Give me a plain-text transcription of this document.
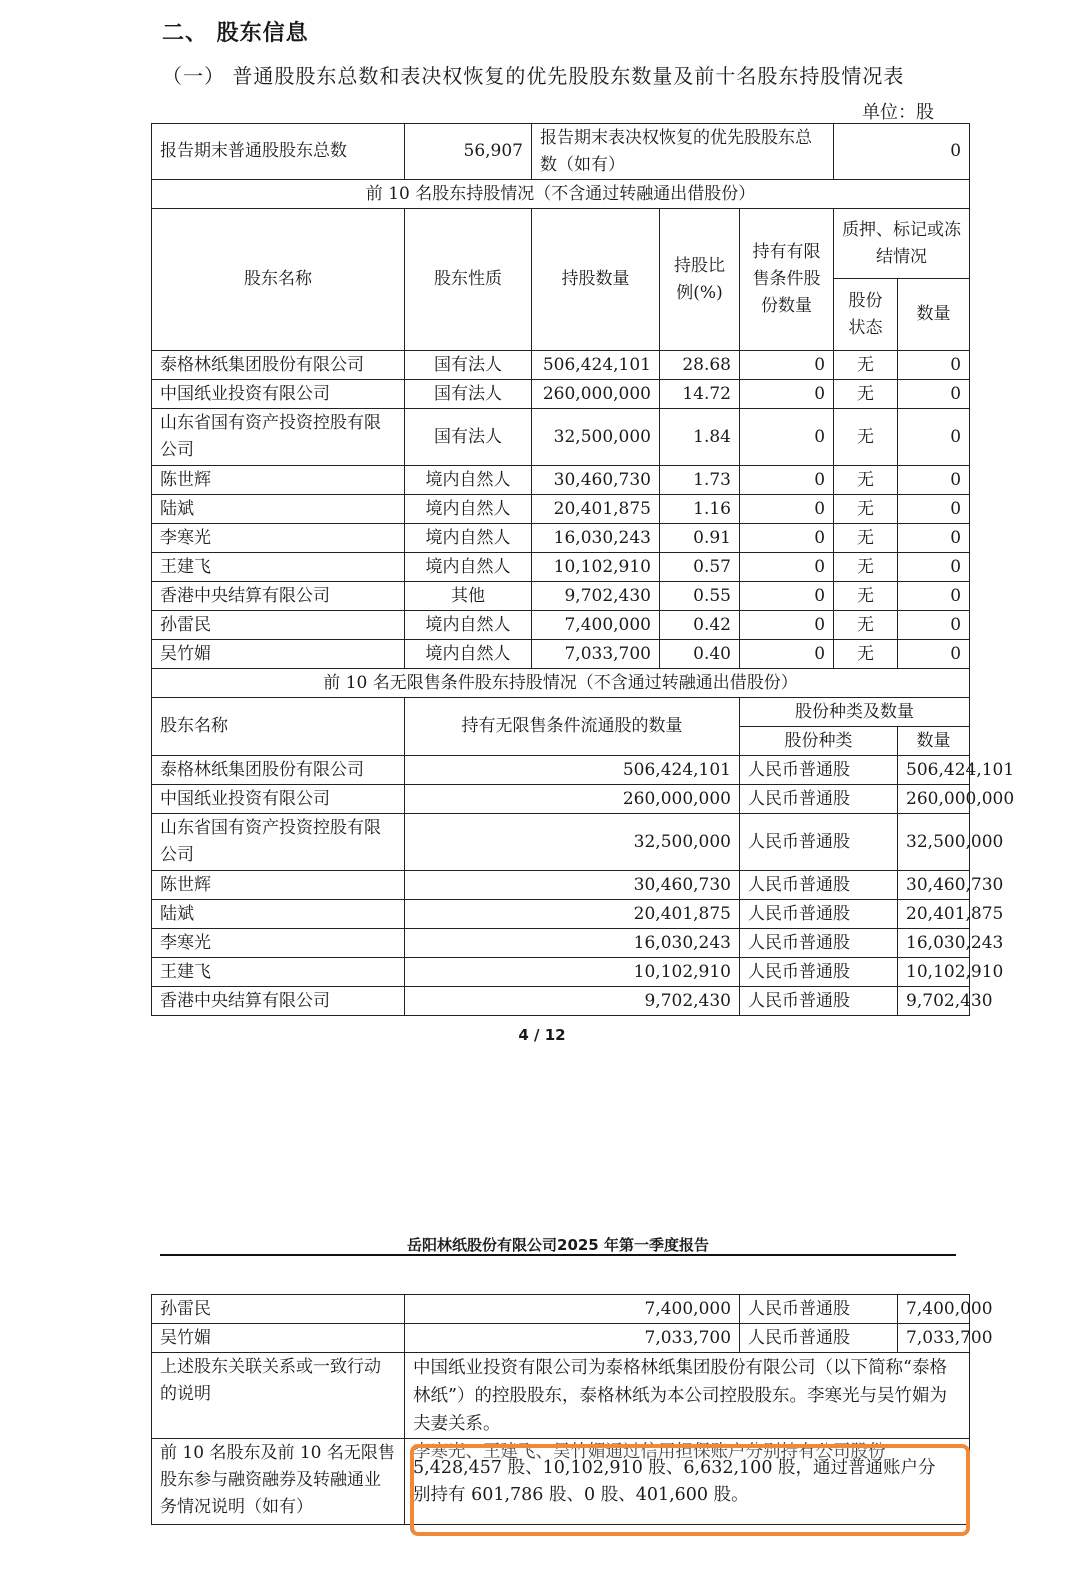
二、 股东信息
（一） 普通股股东总数和表决权恢复的优先股股东数量及前十名股东持股情况表
单位：股
报告期末普通股股东总数	56,907	报告期末表决权恢复的优先股股东总数（如有）			0	
前 10 名股东持股情况（不含通过转融通出借股份）						
股东名称	股东性质	持股数量	持股比例(%)	持有有限售条件股份数量	质押、标记或冻结情况	
					股份状态	数量
泰格林纸集团股份有限公司	国有法人	506,424,101	28.68	0	无	0
中国纸业投资有限公司	国有法人	260,000,000	14.72	0	无	0
山东省国有资产投资控股有限公司	国有法人	32,500,000	1.84	0	无	0
陈世辉	境内自然人	30,460,730	1.73	0	无	0
陆斌	境内自然人	20,401,875	1.16	0	无	0
李寒光	境内自然人	16,030,243	0.91	0	无	0
王建飞	境内自然人	10,102,910	0.57	0	无	0
香港中央结算有限公司	其他	9,702,430	0.55	0	无	0
孙雷民	境内自然人	7,400,000	0.42	0	无	0
吴竹媚	境内自然人	7,033,700	0.40	0	无	0
前 10 名无限售条件股东持股情况（不含通过转融通出借股份）						
股东名称	持有无限售条件流通股的数量			股份种类及数量		
				股份种类		数量
泰格林纸集团股份有限公司	506,424,101			人民币普通股		506,424,101
中国纸业投资有限公司	260,000,000			人民币普通股		260,000,000
山东省国有资产投资控股有限公司	32,500,000			人民币普通股		32,500,000
陈世辉	30,460,730			人民币普通股		30,460,730
陆斌	20,401,875			人民币普通股		20,401,875
李寒光	16,030,243			人民币普通股		16,030,243
王建飞	10,102,910			人民币普通股		10,102,910
香港中央结算有限公司	9,702,430			人民币普通股		9,702,430
4 / 12
岳阳林纸股份有限公司2025 年第一季度报告
孙雷民	7,400,000	人民币普通股	7,400,000
吴竹媚	7,033,700	人民币普通股	7,033,700
上述股东关联关系或一致行动的说明	中国纸业投资有限公司为泰格林纸集团股份有限公司（以下简称“泰格林纸”）的控股股东，泰格林纸为本公司控股股东。李寒光与吴竹媚为夫妻关系。		
前 10 名股东及前 10 名无限售股东参与融资融券及转融通业务情况说明（如有）	李寒光、王建飞、吴竹媚通过信用担保账户分别持有公司股份
5,428,457 股、10,102,910 股、6,632,100 股，通过普通账户分
别持有 601,786 股、0 股、401,600 股。		
